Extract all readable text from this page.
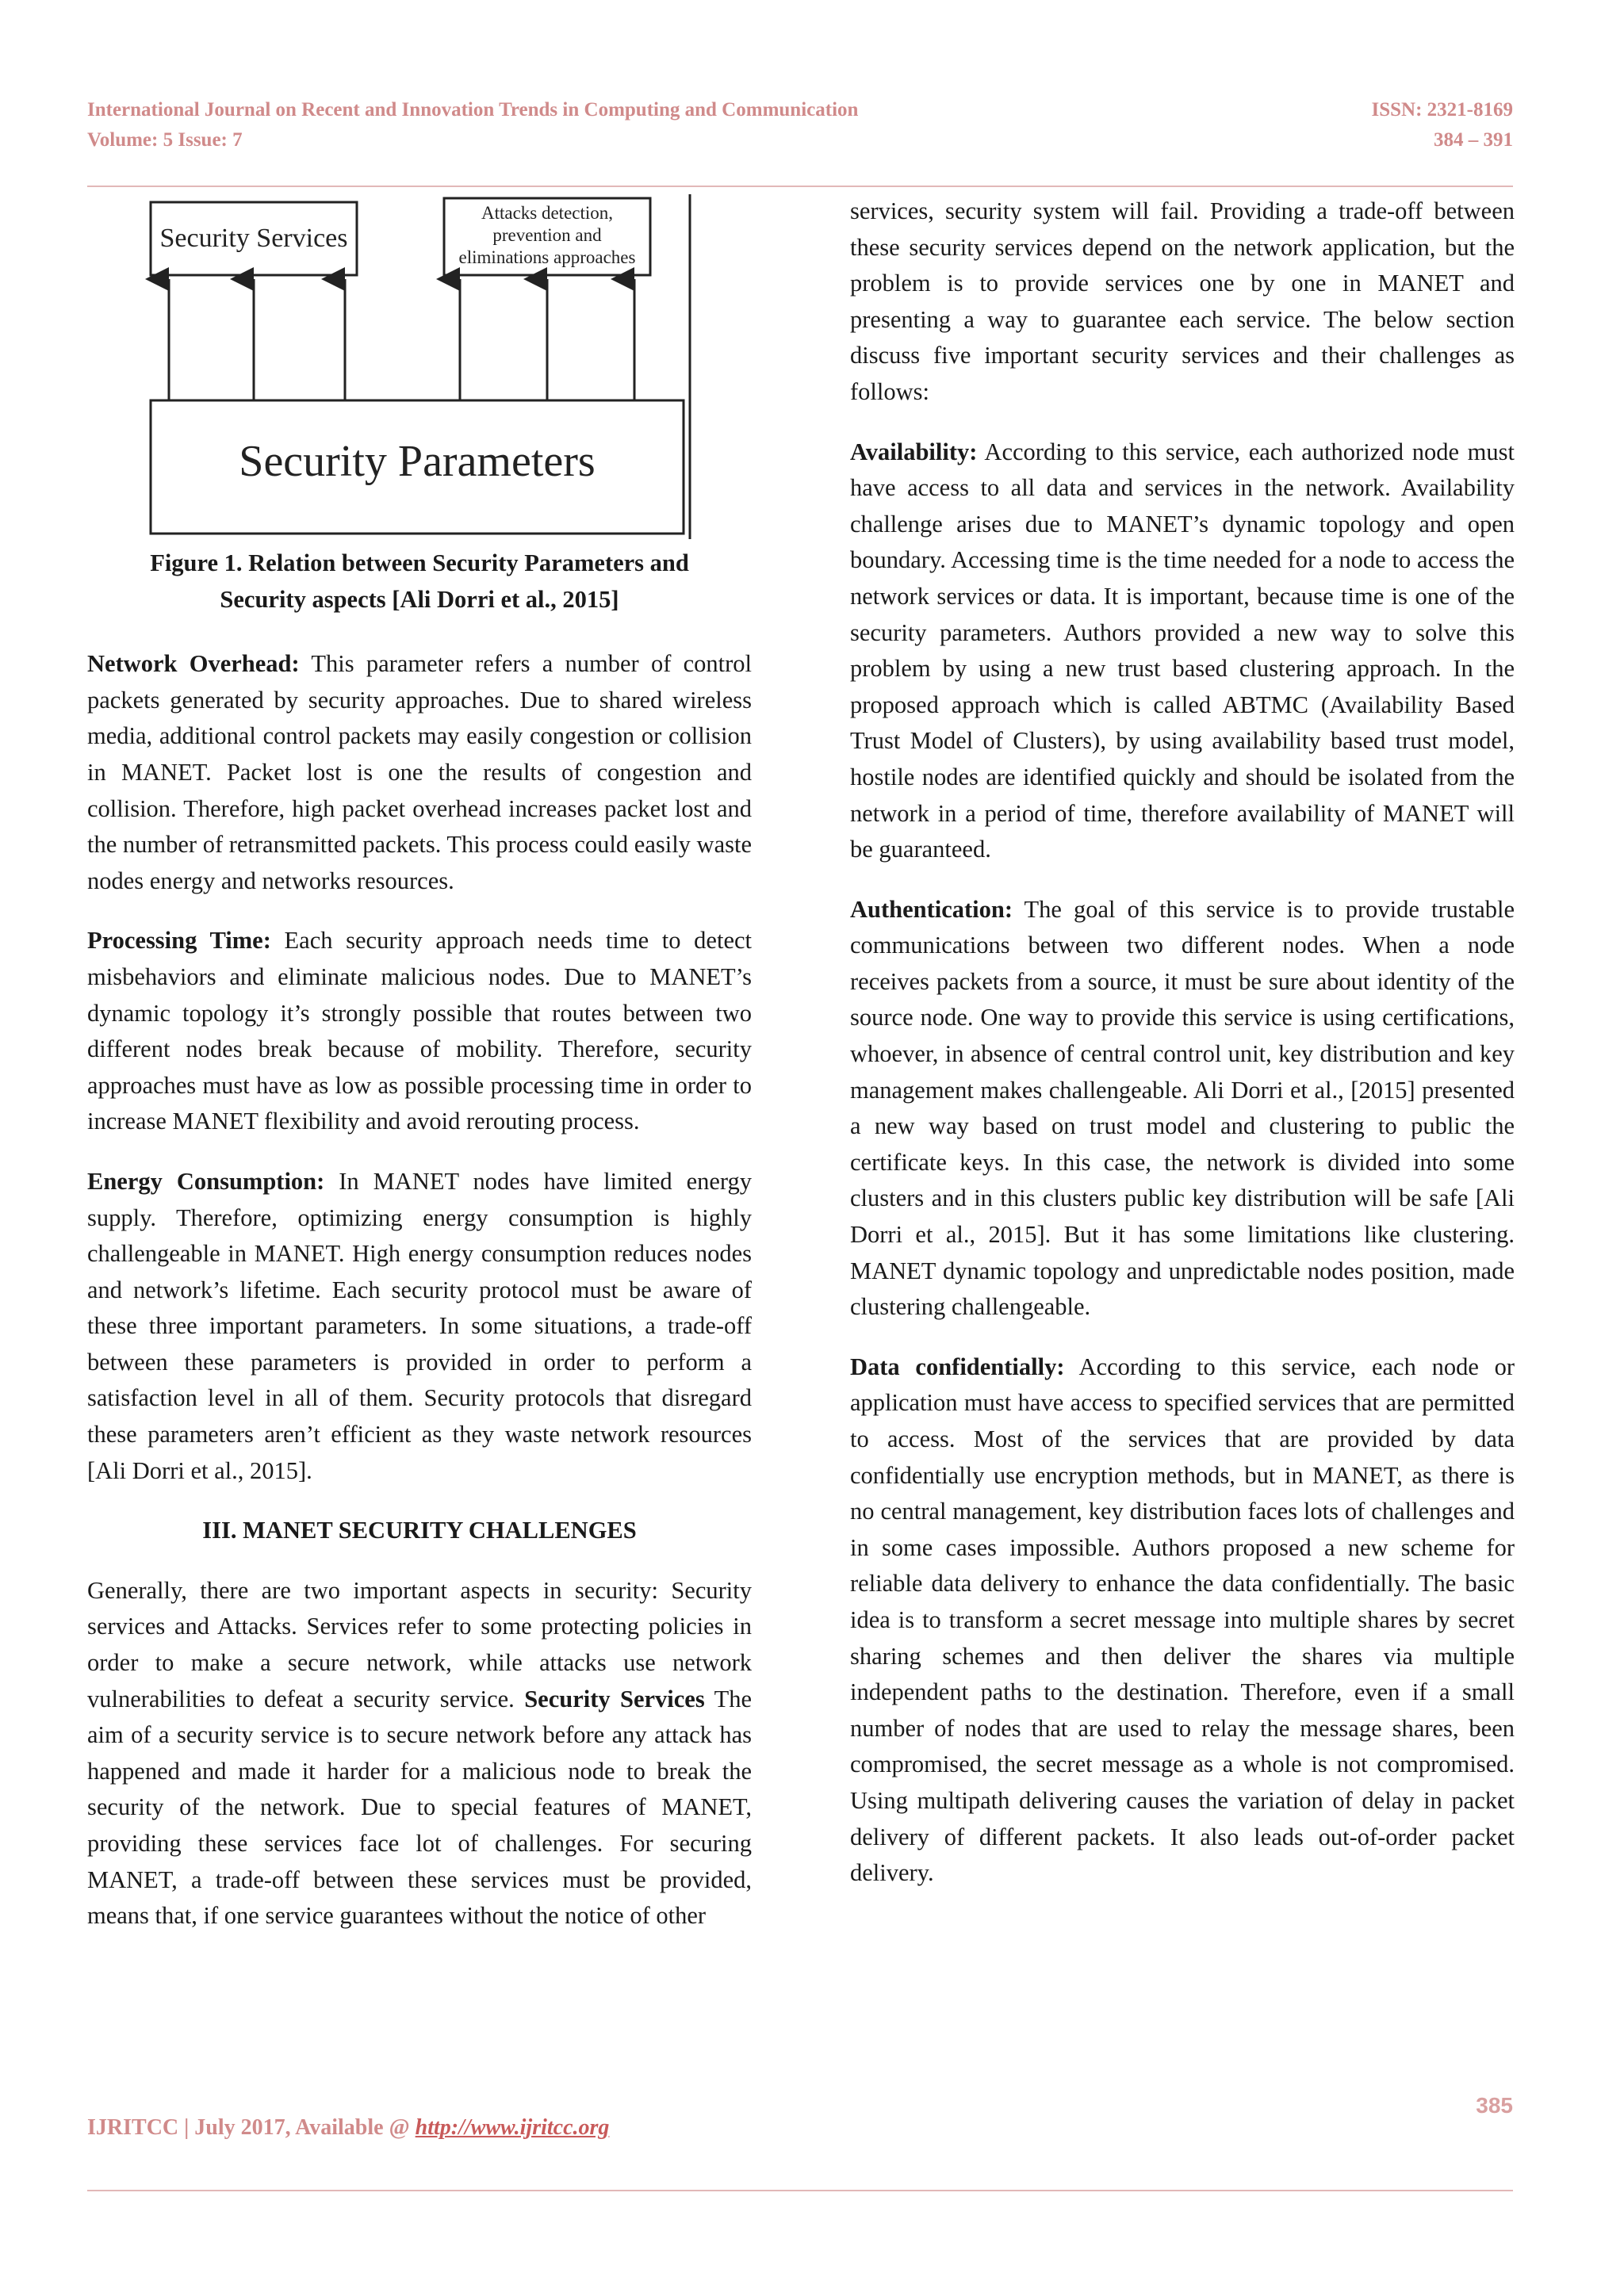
International Journal on Recent and Innovation Trends in Computing and Communication	ISSN: 2321-8169
Volume: 5 Issue: 7	384 – 391
Security Services
Attacks detection,
prevention and
eliminations approaches
Security Parameters
Figure 1. Relation between Security Parameters and Security aspects [Ali Dorri et al., 2015]

Network Overhead: This parameter refers a number of control packets generated by security approaches. Due to shared wireless media, additional control packets may easily congestion or collision in MANET. Packet lost is one the results of congestion and collision. Therefore, high packet overhead increases packet lost and the number of retransmitted packets. This process could easily waste nodes energy and networks resources.

Processing Time: Each security approach needs time to detect misbehaviors and eliminate malicious nodes. Due to MANET’s dynamic topology it’s strongly possible that routes between two different nodes break because of mobility. Therefore, security approaches must have as low as possible processing time in order to increase MANET flexibility and avoid rerouting process.

Energy Consumption: In MANET nodes have limited energy supply. Therefore, optimizing energy consumption is highly challengeable in MANET. High energy consumption reduces nodes and network’s lifetime. Each security protocol must be aware of these three important parameters. In some situations, a trade-off between these parameters is provided in order to perform a satisfaction level in all of them. Security protocols that disregard these parameters aren’t efficient as they waste network resources [Ali Dorri et al., 2015].

III. MANET SECURITY CHALLENGES

Generally, there are two important aspects in security: Security services and Attacks. Services refer to some protecting policies in order to make a secure network, while attacks use network vulnerabilities to defeat a security service. Security Services The aim of a security service is to secure network before any attack has happened and made it harder for a malicious node to break the security of the network. Due to special features of MANET, providing these services face lot of challenges. For securing MANET, a trade-off between these services must be provided, means that, if one service guarantees without the notice of other

services, security system will fail. Providing a trade-off between these security services depend on the network application, but the problem is to provide services one by one in MANET and presenting a way to guarantee each service. The below section discuss five important security services and their challenges as follows:

Availability: According to this service, each authorized node must have access to all data and services in the network. Availability challenge arises due to MANET’s dynamic topology and open boundary. Accessing time is the time needed for a node to access the network services or data. It is important, because time is one of the security parameters. Authors provided a new way to solve this problem by using a new trust based clustering approach. In the proposed approach which is called ABTMC (Availability Based Trust Model of Clusters), by using availability based trust model, hostile nodes are identified quickly and should be isolated from the network in a period of time, therefore availability of MANET will be guaranteed.

Authentication: The goal of this service is to provide trustable communications between two different nodes. When a node receives packets from a source, it must be sure about identity of the source node. One way to provide this service is using certifications, whoever, in absence of central control unit, key distribution and key management makes challengeable. Ali Dorri et al., [2015] presented a new way based on trust model and clustering to public the certificate keys. In this case, the network is divided into some clusters and in this clusters public key distribution will be safe [Ali Dorri et al., 2015]. But it has some limitations like clustering. MANET dynamic topology and unpredictable nodes position, made clustering challengeable.

Data confidentially: According to this service, each node or application must have access to specified services that are permitted to access. Most of the services that are provided by data confidentially use encryption methods, but in MANET, as there is no central management, key distribution faces lots of challenges and in some cases impossible. Authors proposed a new scheme for reliable data delivery to enhance the data confidentially. The basic idea is to transform a secret message into multiple shares by secret sharing schemes and then deliver the shares via multiple independent paths to the destination. Therefore, even if a small number of nodes that are used to relay the message shares, been compromised, the secret message as a whole is not compromised. Using multipath delivering causes the variation of delay in packet delivery of different packets. It also leads out-of-order packet delivery.

385
IJRITCC | July 2017, Available @ http://www.ijritcc.org
